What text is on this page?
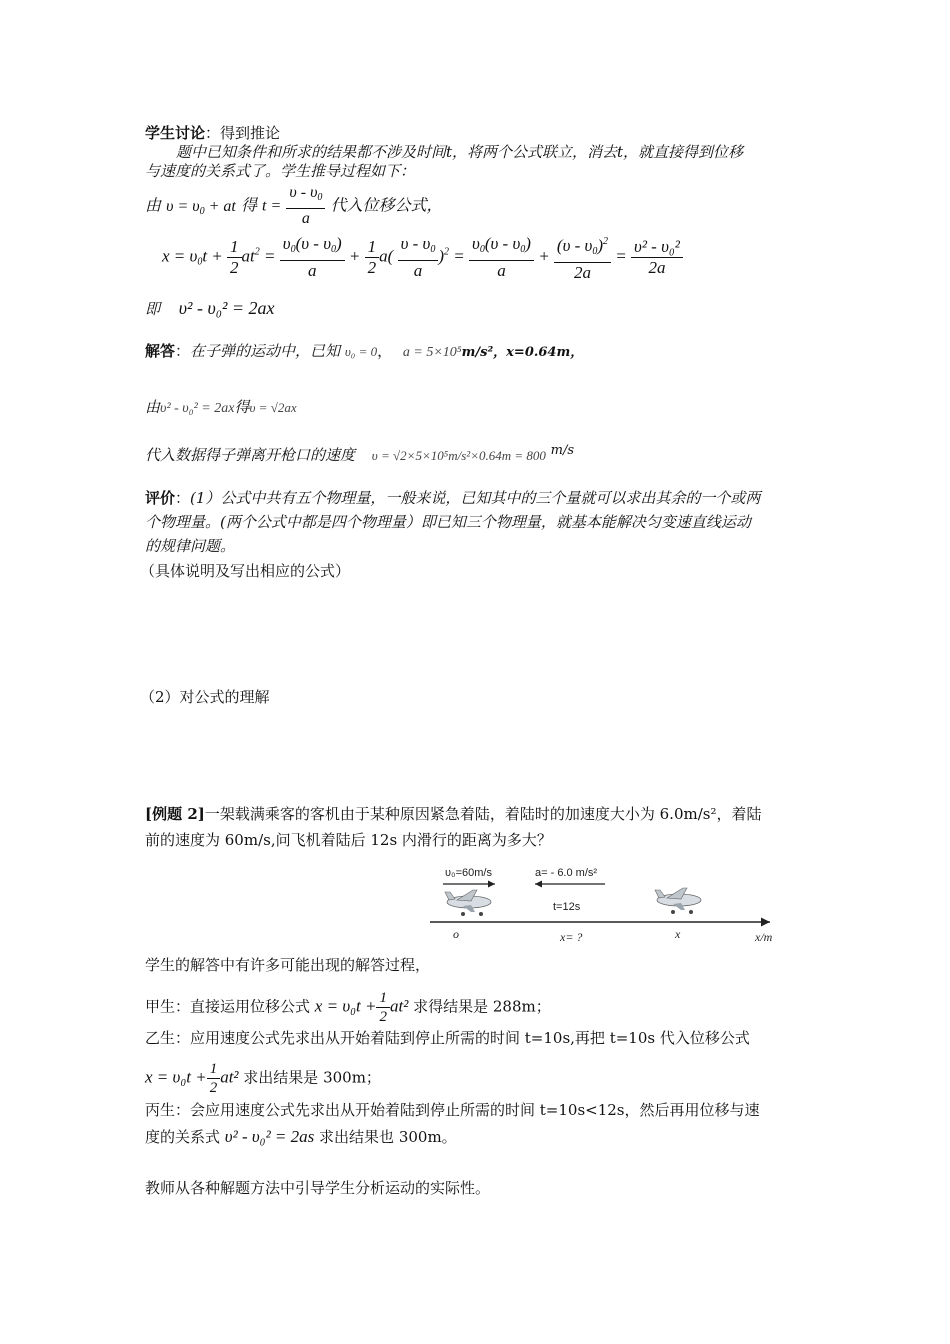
学生讨论：得到推论
题中已知条件和所求的结果都不涉及时间t，将两个公式联立，消去t，就直接得到位移
与速度的关系式了。学生推导过程如下：
由 $\upsilon = \upsilon_0$ + at 得 $t = \frac{\upsilon - \upsilon_0}{a}$ 代入位移公式，
$x = \upsilon_0t + \frac{1}{2} at^2 = \frac{\upsilon_0(\upsilon - \upsilon_0)}{a} + \frac{1}{2} a( \frac{\upsilon - \upsilon_0}{a} )^2 = \frac{\upsilon_0(\upsilon - \upsilon_0)}{a} + \frac{(\upsilon - \upsilon_0)^2}{2a} = \frac{\text{υ² - υ₀²}}{2a}$
即 υ² - υ₀² = 2ax
解答：在子弹的运动中，已知 υ₀ = 0， a = 5×10⁵m/s²，x=0.64m，
由υ² - υ₀² = 2ax得υ = √2ax
代入数据得子弹离开枪口的速度 υ = √2×5×10⁵m/s²×0.64m = 800 m/s
评价：(1）公式中共有五个物理量，一般来说，已知其中的三个量就可以求出其余的一个或两
个物理量。(两个公式中都是四个物理量）即已知三个物理量，就基本能解决匀变速直线运动
的规律问题。
（具体说明及写出相应的公式）
（2）对公式的理解
[例题 2]一架载满乘客的客机由于某种原因紧急着陆，着陆时的加速度大小为 6.0m/s²，着陆
前的速度为 60m/s,问飞机着陆后 12s 内滑行的距离为多大？
υ₀=60m/s	a= - 6.0 m/s²
t=12s
o	x= ?	x	x/m
学生的解答中有许多可能出现的解答过程，
甲生：直接运用位移公式 $x = \upsilon_0t + \frac{1}{2} at^2$ 求得结果是 288m；
乙生：应用速度公式先求出从开始着陆到停止所需的时间 t=10s,再把 t=10s 代入位移公式
$x = \upsilon_0t + \frac{1}{2} at^2$ 求出结果是 300m；
丙生：会应用速度公式先求出从开始着陆到停止所需的时间 t=10s<12s，然后再用位移与速
度的关系式 υ² - υ₀² = 2as 求出结果也 300m。
教师从各种解题方法中引导学生分析运动的实际性。
